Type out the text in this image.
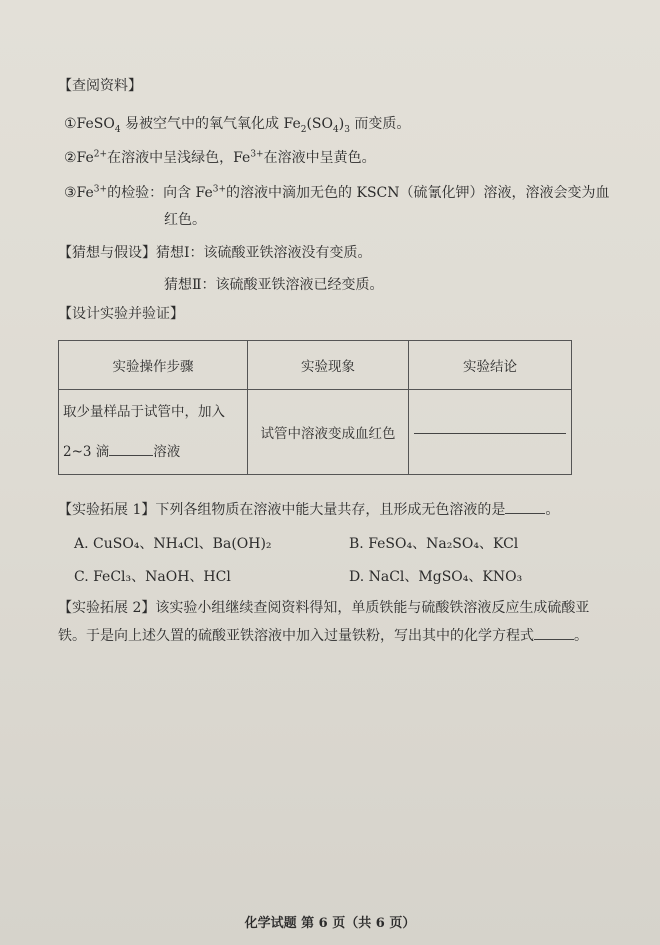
【查阅资料】
①FeSO$_4$ 易被空气中的氧气氧化成 $Fe_2(SO_4)_3$ 而变质。
$②Fe^{2+}$在溶液中呈浅绿色，$Fe^{3+}$在溶液中呈黄色。
$③Fe^{3+}$的检验：向含 $Fe^{3+}$的溶液中滴加无色的 KSCN（硫氰化钾）溶液，溶液会变为血
红色。
【猜想与假设】猜想Ⅰ：该硫酸亚铁溶液没有变质。
猜想Ⅱ：该硫酸亚铁溶液已经变质。
【设计实验并验证】
实验操作步骤	实验现象	实验结论

取少量样品于试管中，加入
2~3 滴 溶液	试管中溶液变成血红色	
【实验拓展 1】下列各组物质在溶液中能大量共存，且形成无色溶液的是	。
A. CuSO₄、NH₄Cl、Ba(OH)₂	B. FeSO₄、Na₂SO₄、KCl
C. FeCl₃、NaOH、HCl	D. NaCl、MgSO₄、KNO₃
【实验拓展 2】该实验小组继续查阅资料得知，单质铁能与硫酸铁溶液反应生成硫酸亚
铁。于是向上述久置的硫酸亚铁溶液中加入过量铁粉，写出其中的化学方程式	。
化学试题 第 6 页（共 6 页）
